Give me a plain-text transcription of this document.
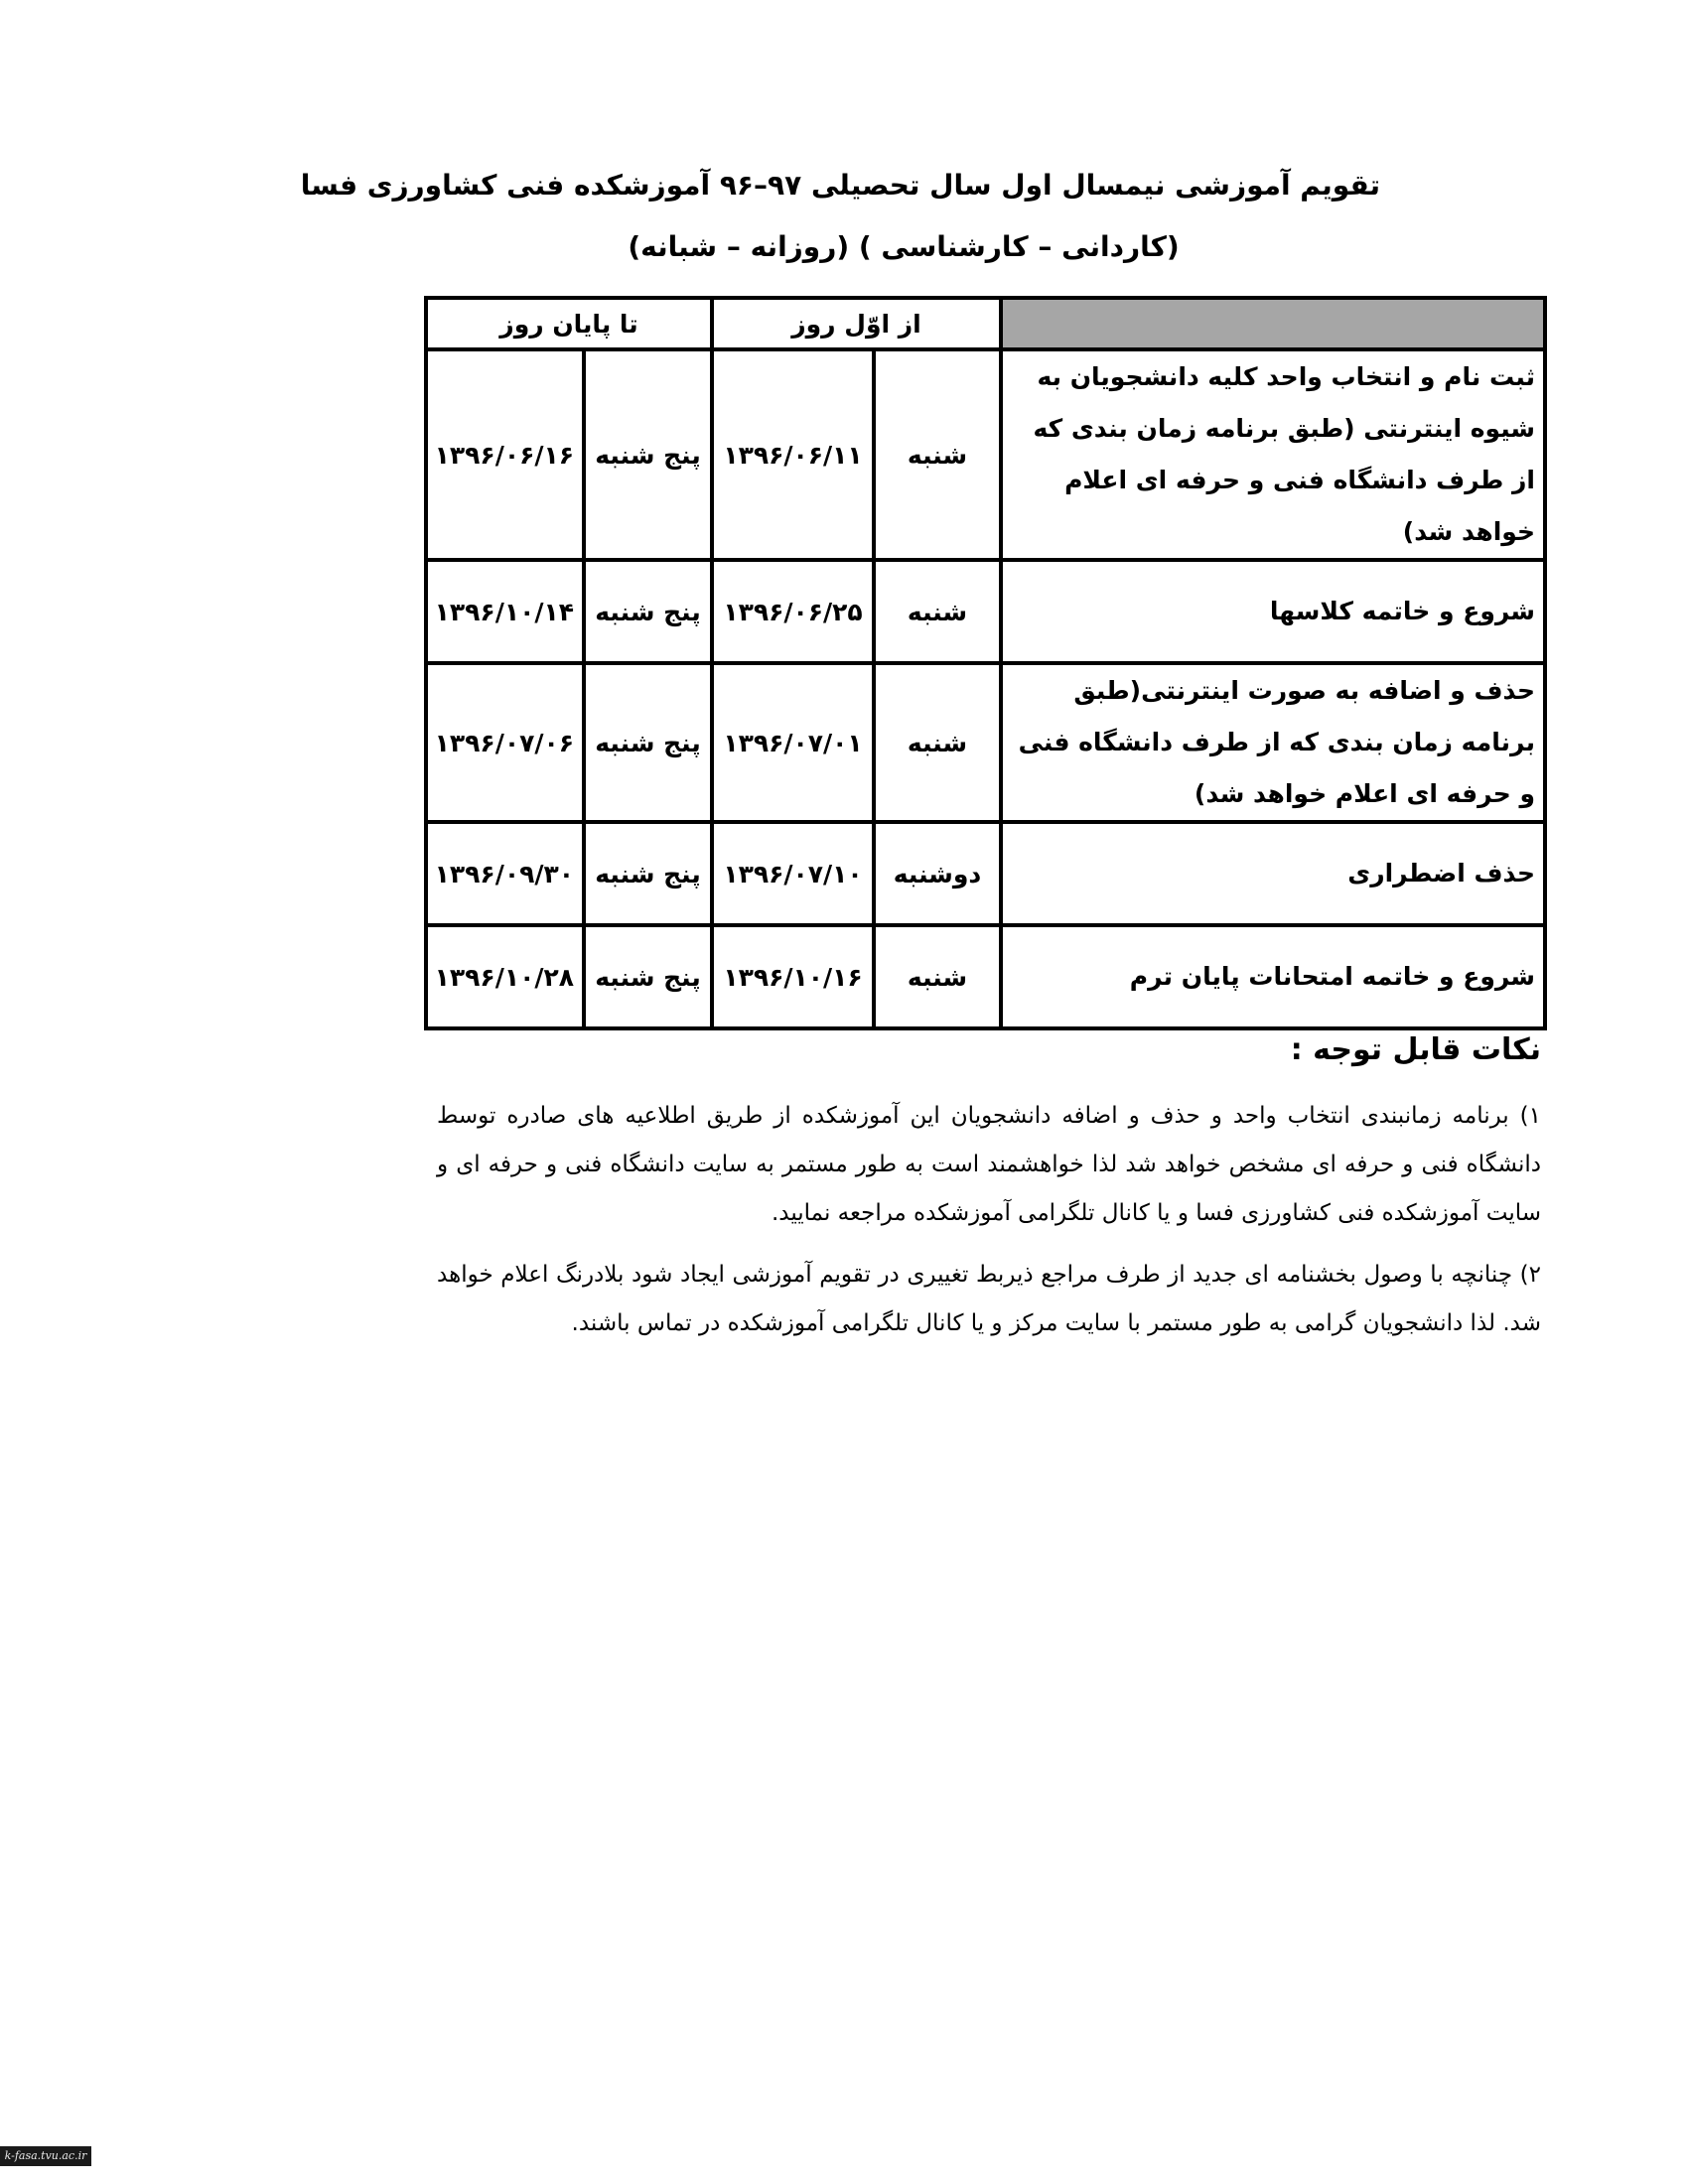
تقویم آموزشی نیمسال اول سال تحصیلی ۹۷–۹۶ آموزشکده فنی کشاورزی فسا
(کاردانی – کارشناسی ) (روزانه – شبانه)
	از اوّل روز		تا پایان روز	
ثبت نام و انتخاب واحد کلیه دانشجویان به شیوه اینترنتی (طبق برنامه زمان بندی که از طرف دانشگاه فنی و حرفه ای اعلام خواهد شد)	شنبه	۱۳۹۶/۰۶/۱۱	پنج شنبه	۱۳۹۶/۰۶/۱۶
شروع و خاتمه کلاسها	شنبه	۱۳۹۶/۰۶/۲۵	پنج شنبه	۱۳۹۶/۱۰/۱۴
حذف و اضافه به صورت اینترنتی(طبق برنامه زمان بندی که از طرف دانشگاه فنی و حرفه ای اعلام خواهد شد)	شنبه	۱۳۹۶/۰۷/۰۱	پنج شنبه	۱۳۹۶/۰۷/۰۶
حذف اضطراری	دوشنبه	۱۳۹۶/۰۷/۱۰	پنج شنبه	۱۳۹۶/۰۹/۳۰
شروع و خاتمه امتحانات پایان ترم	شنبه	۱۳۹۶/۱۰/۱۶	پنج شنبه	۱۳۹۶/۱۰/۲۸
نکات قابل توجه :
۱) برنامه زمانبندی انتخاب واحد و حذف و اضافه دانشجویان این آموزشکده از طریق اطلاعیه های صادره توسط دانشگاه فنی و حرفه ای مشخص خواهد شد لذا خواهشمند است به طور مستمر به سایت دانشگاه فنی و حرفه ای و سایت آموزشکده فنی کشاورزی فسا و یا کانال تلگرامی آموزشکده مراجعه نمایید.
۲) چنانچه با وصول بخشنامه ای جدید از طرف مراجع ذیربط تغییری در تقویم آموزشی ایجاد شود بلادرنگ اعلام خواهد شد. لذا دانشجویان گرامی به طور مستمر با سایت مرکز و یا کانال تلگرامی آموزشکده در تماس باشند.
k-fasa.tvu.ac.ir
